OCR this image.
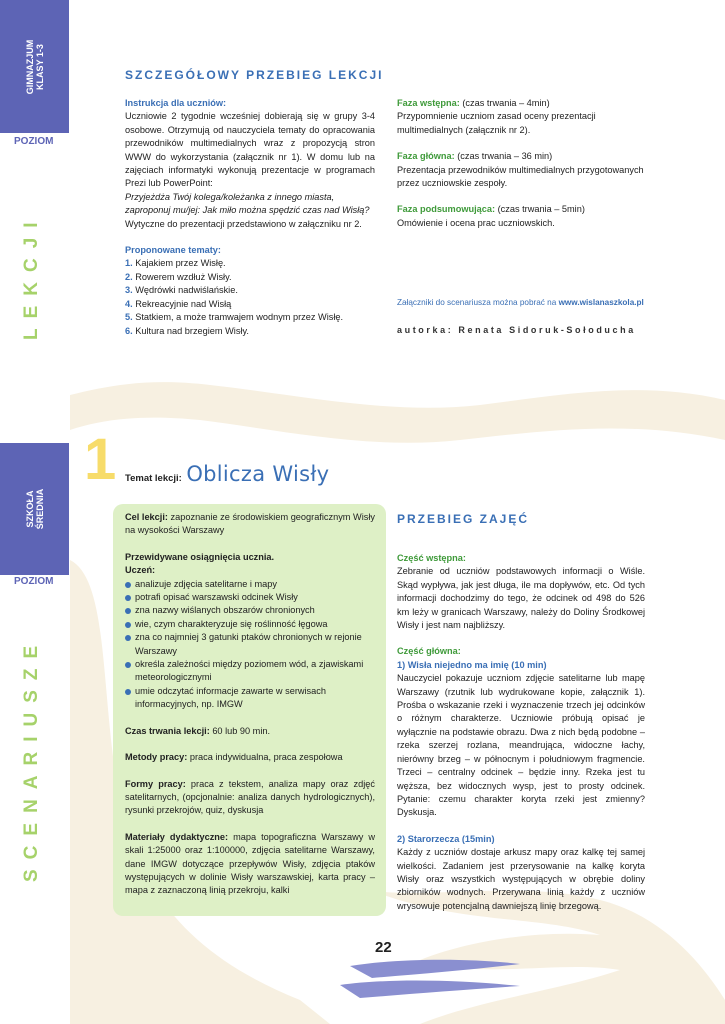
GIMNAZJUM KLASY 1-3
POZIOM
LEKCJI
SZKOŁA ŚREDNIA
POZIOM
SCENARIUSZE
SZCZEGÓŁOWY PRZEBIEG LEKCJI
Instrukcja dla uczniów:
Uczniowie 2 tygodnie wcześniej dobierają się w grupy 3-4 osobowe. Otrzymują od nauczyciela tematy do opracowania przewodników multimedialnych wraz z propozycją stron WWW do wykorzystania (załącznik nr 1). W domu lub na zajęciach informatyki wykonują prezentacje w programach Prezi lub PowerPoint:
Przyjeżdża Twój kolega/koleżanka z innego miasta, zaproponuj mu/jej: Jak miło można spędzić czas nad Wisłą?
Wytyczne do prezentacji przedstawiono w załączniku nr 2.
Proponowane tematy:
1. Kajakiem przez Wisłę.
2. Rowerem wzdłuż Wisły.
3. Wędrówki nadwiślańskie.
4. Rekreacyjnie nad Wisłą
5. Statkiem, a może tramwajem wodnym przez Wisłę.
6. Kultura nad brzegiem Wisły.
Faza wstępna: (czas trwania – 4min)
Przypomnienie uczniom zasad oceny prezentacji multimedialnych (załącznik nr 2).
Faza główna: (czas trwania – 36 min)
Prezentacja przewodników multimedialnych przygotowanych przez uczniowskie zespoły.
Faza podsumowująca: (czas trwania – 5min)
Omówienie i ocena prac uczniowskich.
Załączniki do scenariusza można pobrać na www.wislanaszkola.pl
autorka: Renata Sidoruk-Sołoducha
1 Temat lekcji: Oblicza Wisły
Cel lekcji: zapoznanie ze środowiskiem geograficznym Wisły na wysokości Warszawy
Przewidywane osiągnięcia ucznia.
Uczeń:
analizuje zdjęcia satelitarne i mapy
potrafi opisać warszawski odcinek Wisły
zna nazwy wiślanych obszarów chronionych
wie, czym charakteryzuje się roślinność łęgowa
zna co najmniej 3 gatunki ptaków chronionych w rejonie Warszawy
określa zależności między poziomem wód, a zjawiskami meteorologicznymi
umie odczytać informacje zawarte w serwisach informacyjnych, np. IMGW
Czas trwania lekcji: 60 lub 90 min.
Metody pracy: praca indywidualna, praca zespołowa
Formy pracy: praca z tekstem, analiza mapy oraz zdjęć satelitarnych, (opcjonalnie: analiza danych hydrologicznych), rysunki przekrojów, quiz, dyskusja
Materiały dydaktyczne: mapa topograficzna Warszawy w skali 1:25000 oraz 1:100000, zdjęcia satelitarne Warszawy, dane IMGW dotyczące przepływów Wisły, zdjęcia ptaków występujących w dolinie Wisły warszawskiej, karta pracy – mapa z zaznaczoną linią przekroju, kalki
PRZEBIEG ZAJĘĆ
Część wstępna:
Zebranie od uczniów podstawowych informacji o Wiśle. Skąd wypływa, jak jest długa, ile ma dopływów, etc. Od tych informacji dochodzimy do tego, że odcinek od 498 do 526 km leży w granicach Warszawy, należy do Doliny Środkowej Wisły i jest nam najbliższy.
Część główna:
1) Wisła niejedno ma imię (10 min)
Nauczyciel pokazuje uczniom zdjęcie satelitarne lub mapę Warszawy (rzutnik lub wydrukowane kopie, załącznik 1). Prośba o wskazanie rzeki i wyznaczenie trzech jej odcinków o różnym charakterze. Uczniowie próbują opisać je wyłącznie na podstawie obrazu. Dwa z nich będą podobne – rzeka szerzej rozlana, meandrująca, widoczne łachy, nierówny brzeg – w północnym i południowym fragmencie. Trzeci – centralny odcinek – będzie inny. Rzeka jest tu węższa, bez widocznych wysp, jest to prosty odcinek. Pytanie: czemu charakter koryta rzeki jest zmienny? Dyskusja.
2) Starorzecza (15min)
Każdy z uczniów dostaje arkusz mapy oraz kalkę tej samej wielkości. Zadaniem jest przerysowanie na kalkę koryta Wisły oraz wszystkich występujących w obrębie doliny zbiorników wodnych. Przerywana linią każdy z uczniów wrysowuje potencjalną dawniejszą linię brzegową.
22
